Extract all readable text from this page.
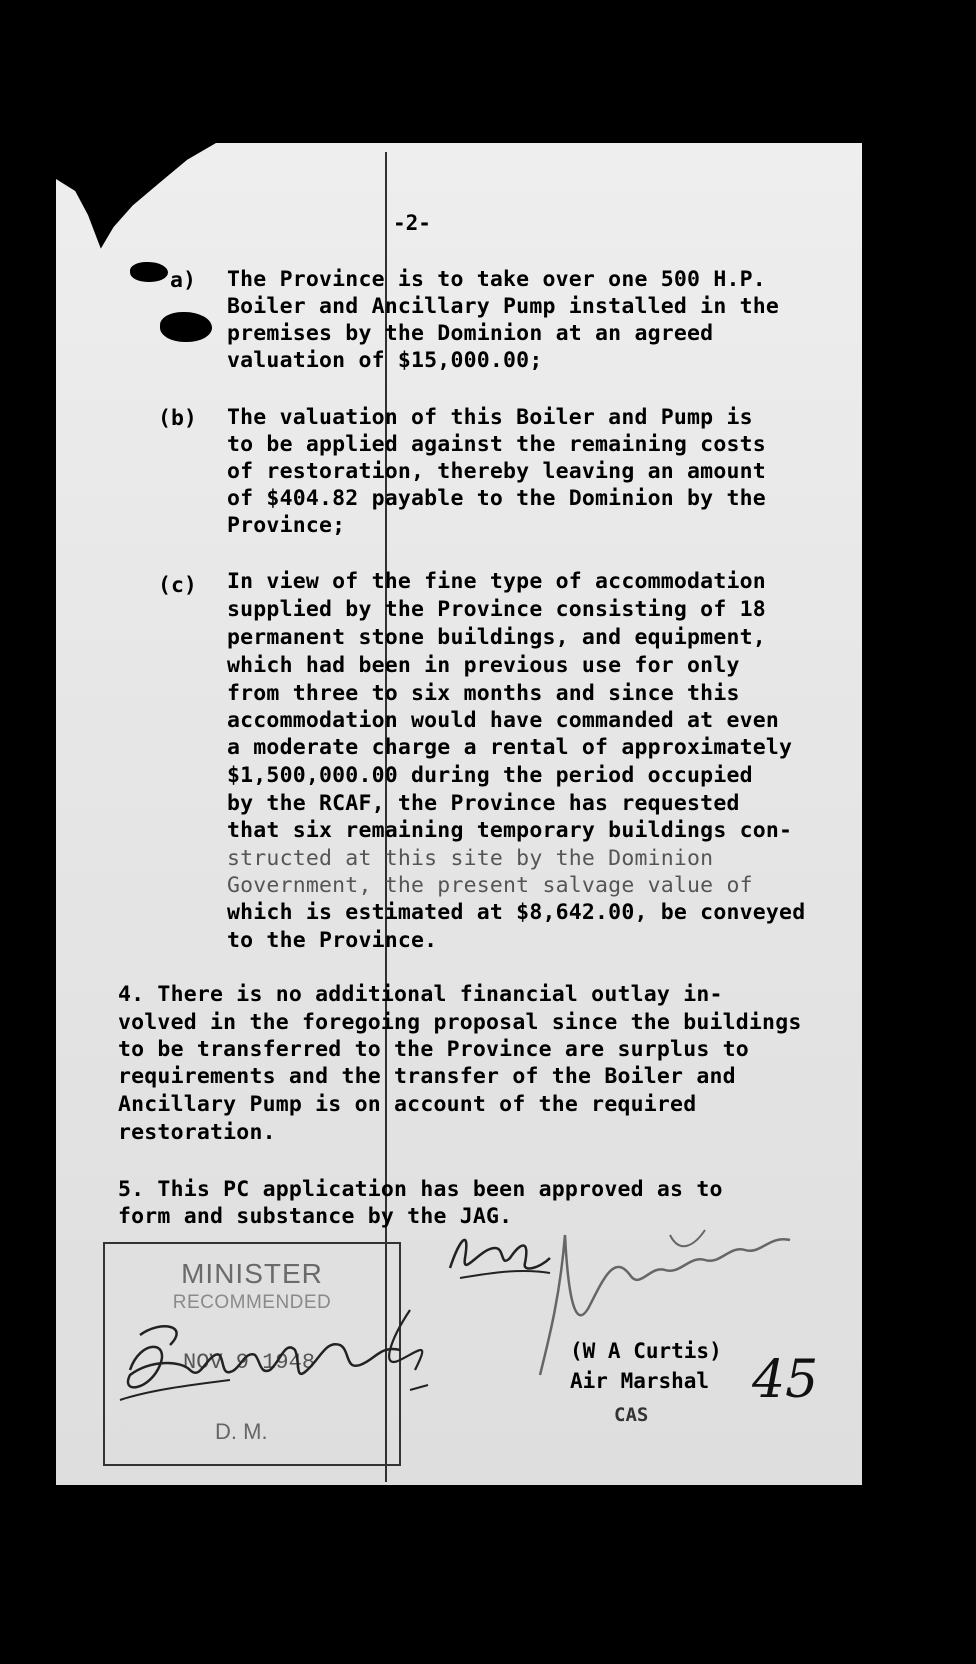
-2-
a) The Province is to take over one 500 H.P.
Boiler and Ancillary Pump installed in the
premises by the Dominion at an agreed
valuation of $15,000.00;
(b) The valuation of this Boiler and Pump is
to be applied against the remaining costs
of restoration, thereby leaving an amount
of $404.82 payable to the Dominion by the
Province;
(c) In view of the fine type of accommodation
supplied by the Province consisting of 18
permanent stone buildings, and equipment,
which had been in previous use for only
from three to six months and since this
accommodation would have commanded at even
a moderate charge a rental of approximately
$1,500,000.00 during the period occupied
by the RCAF, the Province has requested
that six remaining temporary buildings con-
structed at this site by the Dominion
Government, the present salvage value of
which is estimated at $8,642.00, be conveyed
to the Province.
4. There is no additional financial outlay in-
volved in the foregoing proposal since the buildings
to be transferred to the Province are surplus to
requirements and the transfer of the Boiler and
Ancillary Pump is on account of the required
restoration.
5. This PC application has been approved as to
form and substance by the JAG.
MINISTER
RECOMMENDED
NOV 9 1948
D. M.
(W A Curtis)
Air Marshal
CAS
45
